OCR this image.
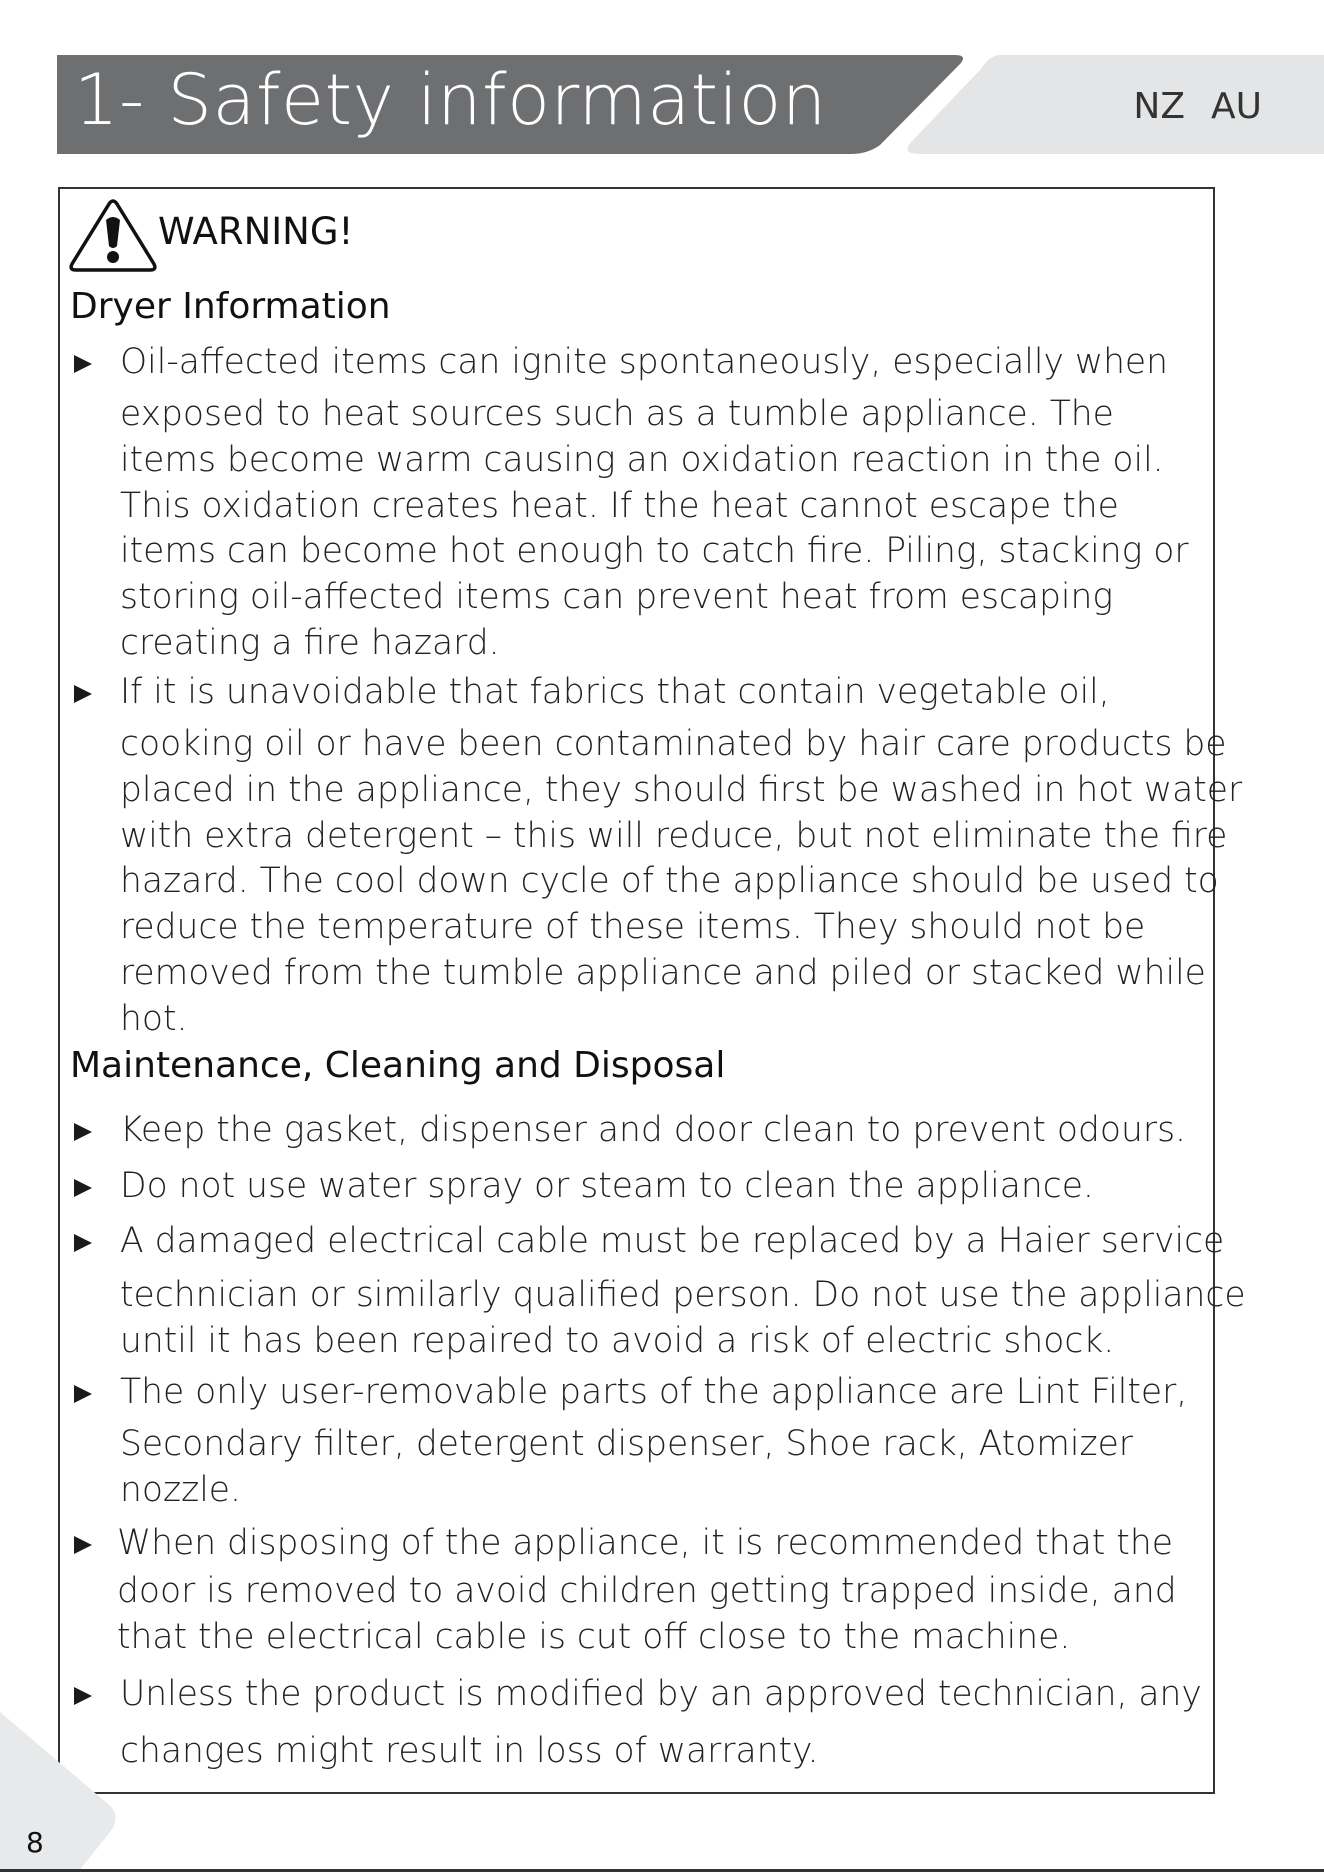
1- Safety information	NZ AU
WARNING!
Dryer Information

Oil-affected items can ignite spontaneously, especially when

exposed to heat sources such as a tumble appliance. The

items become warm causing an oxidation reaction in the oil.

This oxidation creates heat. If the heat cannot escape the

items can become hot enough to catch fire. Piling, stacking or

storing oil-affected items can prevent heat from escaping

creating a fire hazard.

If it is unavoidable that fabrics that contain vegetable oil,

cooking oil or have been contaminated by hair care products be

placed in the appliance, they should first be washed in hot water

with extra detergent – this will reduce, but not eliminate the fire

hazard. The cool down cycle of the appliance should be used to

reduce the temperature of these items. They should not be

removed from the tumble appliance and piled or stacked while

hot.

Maintenance, Cleaning and Disposal

Keep the gasket, dispenser and door clean to prevent odours.

Do not use water spray or steam to clean the appliance.

A damaged electrical cable must be replaced by a Haier service

technician or similarly qualified person. Do not use the appliance

until it has been repaired to avoid a risk of electric shock.

The only user-removable parts of the appliance are Lint Filter,

Secondary filter, detergent dispenser, Shoe rack, Atomizer

nozzle.

When disposing of the appliance, it is recommended that the

door is removed to avoid children getting trapped inside, and

that the electrical cable is cut off close to the machine.

Unless the product is modified by an approved technician, any

changes might result in loss of warranty.

8
